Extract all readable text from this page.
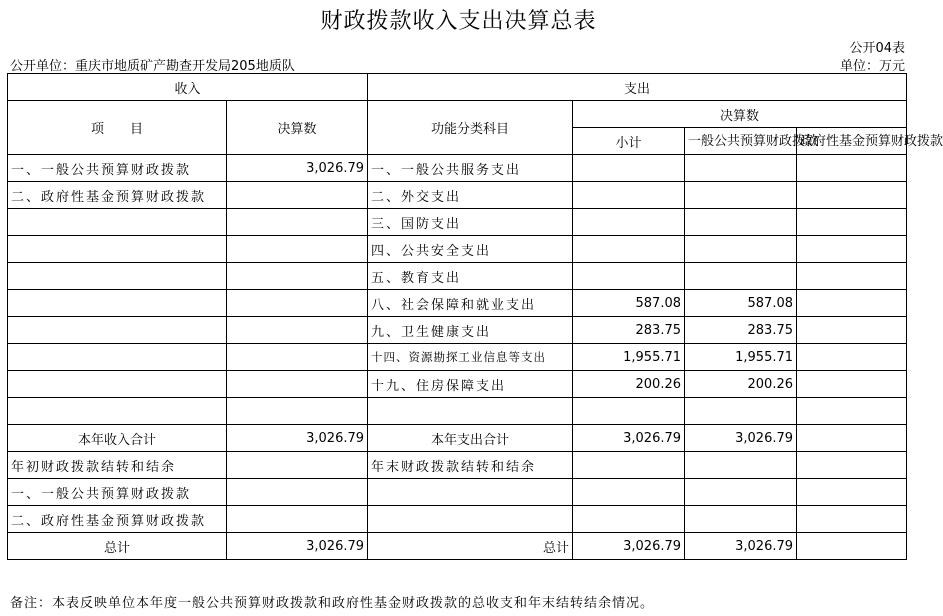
财政拨款收入支出决算总表
公开04表
公开单位：重庆市地质矿产勘查开发局205地质队	单位：万元
收入		支出			
项　　目	决算数	功能分类科目	决算数		
			小计	一般公共预算财政拨款	政府性基金预算财政拨款

一、一般公共预算财政拨款	3,026.79	一、一般公共服务支出			
二、政府性基金预算财政拨款		二、外交支出			
		三、国防支出			
		四、公共安全支出			
		五、教育支出			
		八、社会保障和就业支出	587.08	587.08	
		九、卫生健康支出	283.75	283.75	
		十四、资源勘探工业信息等支出	1,955.71	1,955.71	
		十九、住房保障支出	200.26	200.26	

本年收入合计	3,026.79	本年支出合计	3,026.79	3,026.79	
年初财政拨款结转和结余		年末财政拨款结转和结余			
一、一般公共预算财政拨款					
二、政府性基金预算财政拨款					
总计	3,026.79	总计	3,026.79	3,026.79	
备注：本表反映单位本年度一般公共预算财政拨款和政府性基金财政拨款的总收支和年末结转结余情况。
